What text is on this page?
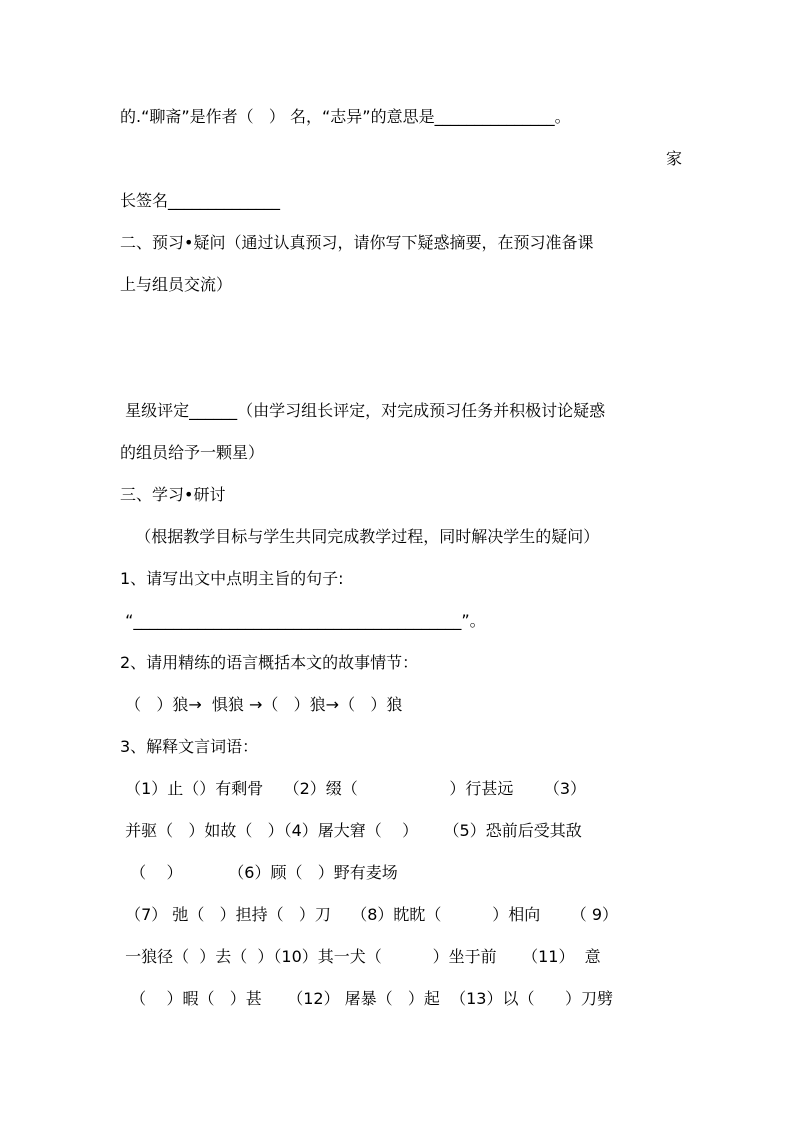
的.“聊斋”是作者（   ） 名，“志异”的意思是_______________。
家
长签名______________
二、预习•疑问（通过认真预习，请你写下疑惑摘要，在预习准备课
上与组员交流）
星级评定______（由学习组长评定，对完成预习任务并积极讨论疑惑
的组员给予一颗星）
三、学习•研讨
（根据教学目标与学生共同完成教学过程，同时解决学生的疑问）
1、请写出文中点明主旨的句子:
“_________________________________________”。
2、请用精练的语言概括本文的故事情节：
（   ）狼→  惧狼 →（   ）狼→（   ）狼
3、解释文言词语：
（1）止（）有剩骨    （2）缀（                  ）行甚远      （3）
并驱（   ）如故（   ）（4）屠大窘（    ）     （5）恐前后受其敌
（    ）         （6）顾（   ）野有麦场
（7） 弛（   ）担持（   ）刀    （8）眈眈（          ）相向      （ 9）
一狼径（  ）去（  ）（10）其一犬（          ）坐于前     （11）  意
（    ）暇（   ）甚     （12） 屠暴（   ）起  （13）以（      ）刀劈
